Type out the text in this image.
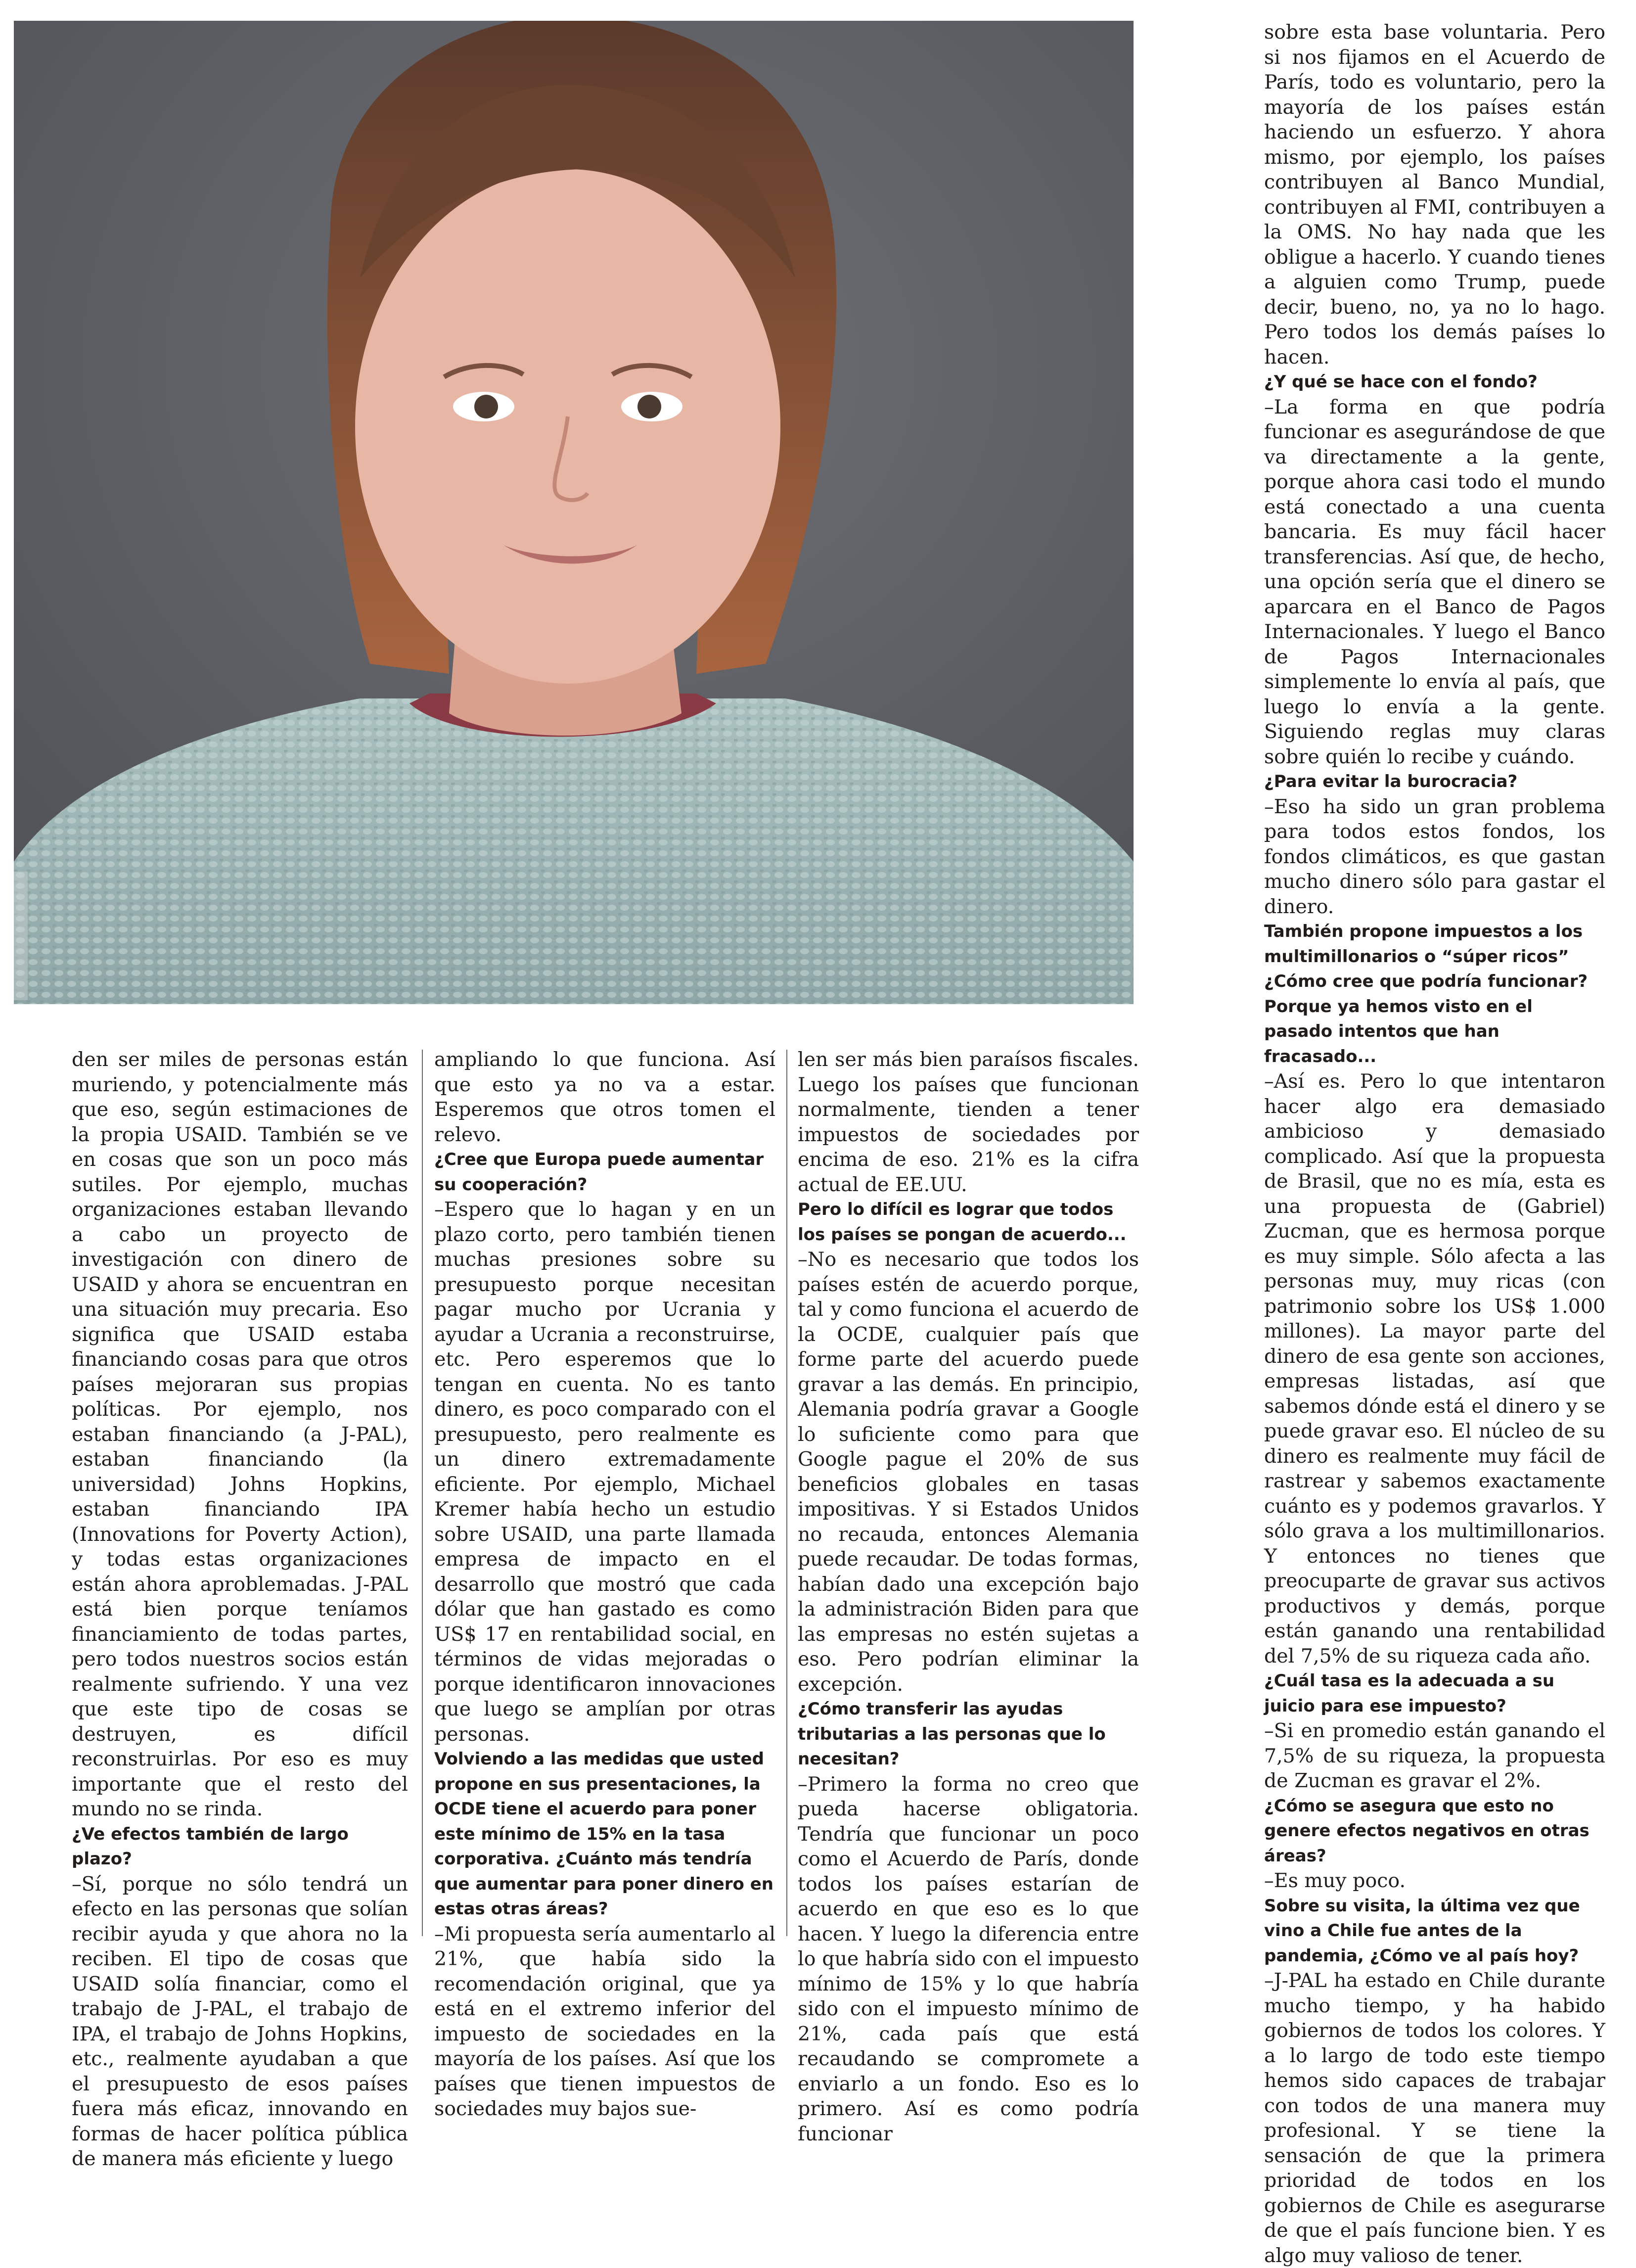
den ser miles de personas están muriendo, y potencialmente más que eso, según estimaciones de la propia USAID. También se ve en cosas que son un poco más sutiles. Por ejemplo, muchas organizaciones estaban llevando a cabo un proyecto de investigación con dinero de USAID y ahora se encuentran en una situación muy precaria. Eso significa que USAID estaba financiando cosas para que otros países mejoraran sus propias políticas. Por ejemplo, nos estaban financiando (a J-PAL), estaban financiando (la universidad) Johns Hopkins, estaban financiando IPA (Innovations for Poverty Action), y todas estas organizaciones están ahora aproblemadas. J-PAL está bien porque teníamos financiamiento de todas partes, pero todos nuestros socios están realmente sufriendo. Y una vez que este tipo de cosas se destruyen, es difícil reconstruirlas. Por eso es muy importante que el resto del mundo no se rinda.

¿Ve efectos también de largo plazo?

–Sí, porque no sólo tendrá un efecto en las personas que solían recibir ayuda y que ahora no la reciben. El tipo de cosas que USAID solía financiar, como el trabajo de J-PAL, el trabajo de IPA, el trabajo de Johns Hopkins, etc., realmente ayudaban a que el presupuesto de esos países fuera más eficaz, innovando en formas de hacer política pública de manera más eficiente y luego

ampliando lo que funciona. Así que esto ya no va a estar. Esperemos que otros tomen el relevo.

¿Cree que Europa puede aumentar su cooperación?

–Espero que lo hagan y en un plazo corto, pero también tienen muchas presiones sobre su presupuesto porque necesitan pagar mucho por Ucrania y ayudar a Ucrania a reconstruirse, etc. Pero esperemos que lo tengan en cuenta. No es tanto dinero, es poco comparado con el presupuesto, pero realmente es un dinero extremadamente eficiente. Por ejemplo, Michael Kremer había hecho un estudio sobre USAID, una parte llamada empresa de impacto en el desarrollo que mostró que cada dólar que han gastado es como US$ 17 en rentabilidad social, en términos de vidas mejoradas o porque identificaron innovaciones que luego se amplían por otras personas.

Volviendo a las medidas que usted propone en sus presentaciones, la OCDE tiene el acuerdo para poner este mínimo de 15% en la tasa corporativa. ¿Cuánto más tendría que aumentar para poner dinero en estas otras áreas?

–Mi propuesta sería aumentarlo al 21%, que había sido la recomendación original, que ya está en el extremo inferior del impuesto de sociedades en la mayoría de los países. Así que los países que tienen impuestos de sociedades muy bajos sue-

len ser más bien paraísos fiscales. Luego los países que funcionan normalmente, tienden a tener impuestos de sociedades por encima de eso. 21% es la cifra actual de EE.UU.

Pero lo difícil es lograr que todos los países se pongan de acuerdo...

–No es necesario que todos los países estén de acuerdo porque, tal y como funciona el acuerdo de la OCDE, cualquier país que forme parte del acuerdo puede gravar a las demás. En principio, Alemania podría gravar a Google lo suficiente como para que Google pague el 20% de sus beneficios globales en tasas impositivas. Y si Estados Unidos no recauda, entonces Alemania puede recaudar. De todas formas, habían dado una excepción bajo la administración Biden para que las empresas no estén sujetas a eso. Pero podrían eliminar la excepción.

¿Cómo transferir las ayudas tributarias a las personas que lo necesitan?

–Primero la forma no creo que pueda hacerse obligatoria. Tendría que funcionar un poco como el Acuerdo de París, donde todos los países estarían de acuerdo en que eso es lo que hacen. Y luego la diferencia entre lo que habría sido con el impuesto mínimo de 15% y lo que habría sido con el impuesto mínimo de 21%, cada país que está recaudando se compromete a enviarlo a un fondo. Eso es lo primero. Así es como podría funcionar

sobre esta base voluntaria. Pero si nos fijamos en el Acuerdo de París, todo es voluntario, pero la mayoría de los países están haciendo un esfuerzo. Y ahora mismo, por ejemplo, los países contribuyen al Banco Mundial, contribuyen al FMI, contribuyen a la OMS. No hay nada que les obligue a hacerlo. Y cuando tienes a alguien como Trump, puede decir, bueno, no, ya no lo hago. Pero todos los demás países lo hacen.

¿Y qué se hace con el fondo?

–La forma en que podría funcionar es asegurándose de que va directamente a la gente, porque ahora casi todo el mundo está conectado a una cuenta bancaria. Es muy fácil hacer transferencias. Así que, de hecho, una opción sería que el dinero se aparcara en el Banco de Pagos Internacionales. Y luego el Banco de Pagos Internacionales simplemente lo envía al país, que luego lo envía a la gente. Siguiendo reglas muy claras sobre quién lo recibe y cuándo.

¿Para evitar la burocracia?

–Eso ha sido un gran problema para todos estos fondos, los fondos climáticos, es que gastan mucho dinero sólo para gastar el dinero.

También propone impuestos a los multimillonarios o “súper ricos” ¿Cómo cree que podría funcionar? Porque ya hemos visto en el pasado intentos que han fracasado...

–Así es. Pero lo que intentaron hacer algo era demasiado ambicioso y demasiado complicado. Así que la propuesta de Brasil, que no es mía, esta es una propuesta de (Gabriel) Zucman, que es hermosa porque es muy simple. Sólo afecta a las personas muy, muy ricas (con patrimonio sobre los US$ 1.000 millones). La mayor parte del dinero de esa gente son acciones, empresas listadas, así que sabemos dónde está el dinero y se puede gravar eso. El núcleo de su dinero es realmente muy fácil de rastrear y sabemos exactamente cuánto es y podemos gravarlos. Y sólo grava a los multimillonarios. Y entonces no tienes que preocuparte de gravar sus activos productivos y demás, porque están ganando una rentabilidad del 7,5% de su riqueza cada año.

¿Cuál tasa es la adecuada a su juicio para ese impuesto?

–Si en promedio están ganando el 7,5% de su riqueza, la propuesta de Zucman es gravar el 2%.

¿Cómo se asegura que esto no genere efectos negativos en otras áreas?

–Es muy poco.

Sobre su visita, la última vez que vino a Chile fue antes de la pandemia, ¿Cómo ve al país hoy?

–J-PAL ha estado en Chile durante mucho tiempo, y ha habido gobiernos de todos los colores. Y a lo largo de todo este tiempo hemos sido capaces de trabajar con todos de una manera muy profesional. Y se tiene la sensación de que la primera prioridad de todos en los gobiernos de Chile es asegurarse de que el país funcione bien. Y es algo muy valioso de tener.
